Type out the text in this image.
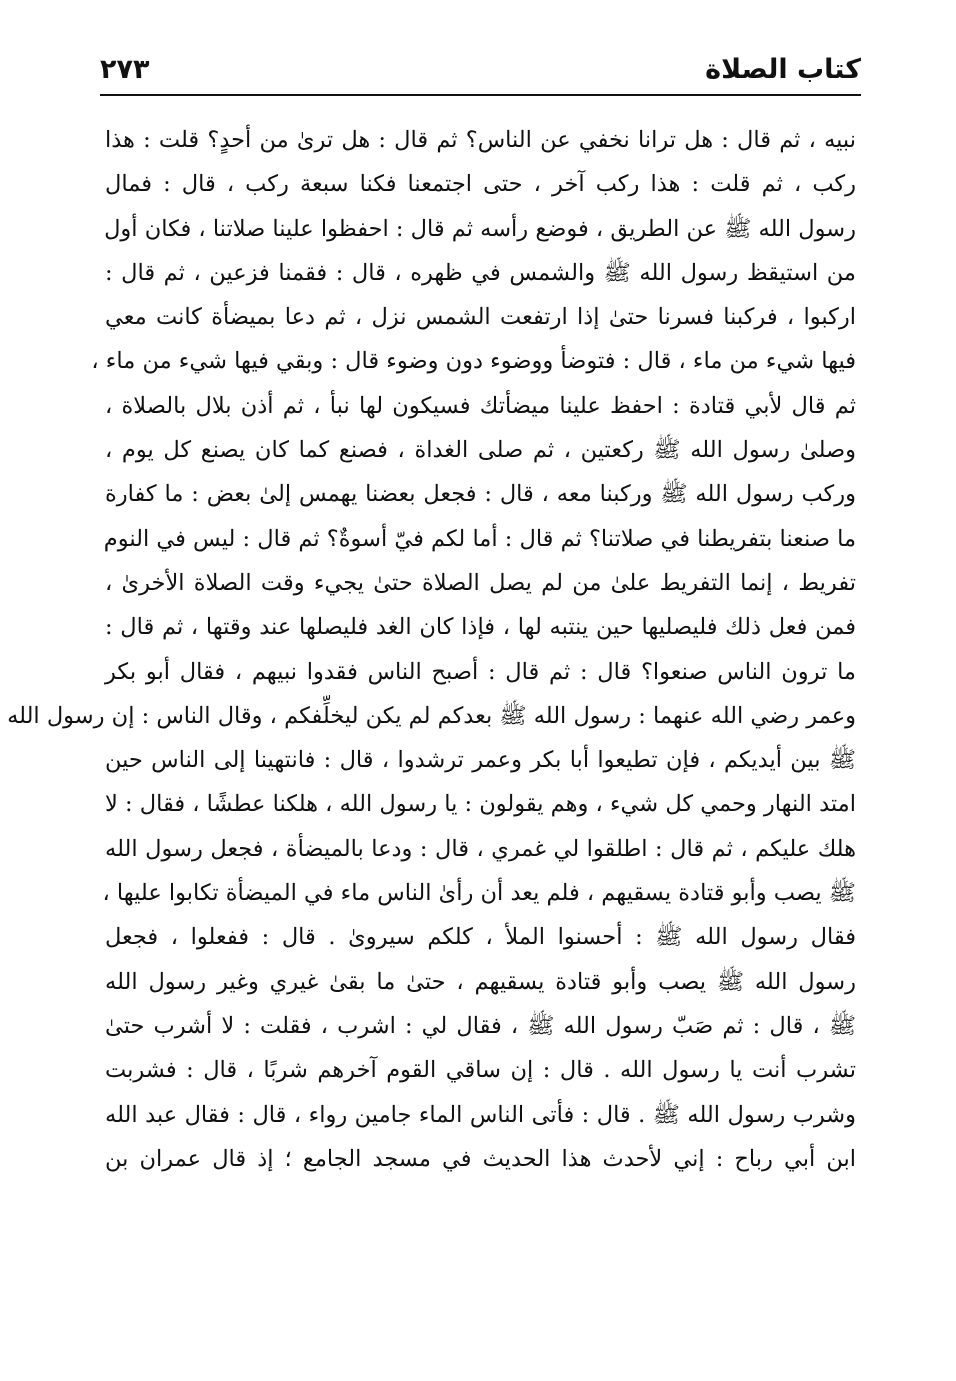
كتاب الصلاة
٢٧٣
نبيه ، ثم قال : هل ترانا نخفي عن الناس؟ ثم قال : هل ترىٰ من أحدٍ؟ قلت : هذا
ركب ، ثم قلت : هذا ركب آخر ، حتى اجتمعنا فكنا سبعة ركب ، قال : فمال
رسول الله ﷺ عن الطريق ، فوضع رأسه ثم قال : احفظوا علينا صلاتنا ، فكان أول
من استيقظ رسول الله ﷺ والشمس في ظهره ، قال : فقمنا فزعين ، ثم قال :
اركبوا ، فركبنا فسرنا حتىٰ إذا ارتفعت الشمس نزل ، ثم دعا بميضأة كانت معي
فيها شيء من ماء ، قال : فتوضأ ووضوء دون وضوء قال : وبقي فيها شيء من ماء ،
ثم قال لأبي قتادة : احفظ علينا ميضأتك فسيكون لها نبأ ، ثم أذن بلال بالصلاة ،
وصلىٰ رسول الله ﷺ ركعتين ، ثم صلى الغداة ، فصنع كما كان يصنع كل يوم ،
وركب رسول الله ﷺ وركبنا معه ، قال : فجعل بعضنا يهمس إلىٰ بعض : ما كفارة
ما صنعنا بتفريطنا في صلاتنا؟ ثم قال : أما لكم فيّ أسوةٌ؟ ثم قال : ليس في النوم
تفريط ، إنما التفريط علىٰ من لم يصل الصلاة حتىٰ يجيء وقت الصلاة الأخرىٰ ،
فمن فعل ذلك فليصليها حين ينتبه لها ، فإذا كان الغد فليصلها عند وقتها ، ثم قال :
ما ترون الناس صنعوا؟ قال : ثم قال : أصبح الناس فقدوا نبيهم ، فقال أبو بكر
وعمر رضي الله عنهما : رسول الله ﷺ بعدكم لم يكن ليخلِّفكم ، وقال الناس : إن رسول الله
ﷺ بين أيديكم ، فإن تطيعوا أبا بكر وعمر ترشدوا ، قال : فانتهينا إلى الناس حين
امتد النهار وحمي كل شيء ، وهم يقولون : يا رسول الله ، هلكنا عطشًا ، فقال : لا
هلك عليكم ، ثم قال : اطلقوا لي غمري ، قال : ودعا بالميضأة ، فجعل رسول الله
ﷺ يصب وأبو قتادة يسقيهم ، فلم يعد أن رأىٰ الناس ماء في الميضأة تكابوا عليها ،
فقال رسول الله ﷺ : أحسنوا الملأ ، كلكم سيروىٰ . قال : ففعلوا ، فجعل
رسول الله ﷺ يصب وأبو قتادة يسقيهم ، حتىٰ ما بقىٰ غيري وغير رسول الله
ﷺ ، قال : ثم صَبّ رسول الله ﷺ ، فقال لي : اشرب ، فقلت : لا أشرب حتىٰ
تشرب أنت يا رسول الله . قال : إن ساقي القوم آخرهم شربًا ، قال : فشربت
وشرب رسول الله ﷺ . قال : فأتى الناس الماء جامين رواء ، قال : فقال عبد الله
ابن أبي رباح : إني لأحدث هذا الحديث في مسجد الجامع ؛ إذ قال عمران بن
